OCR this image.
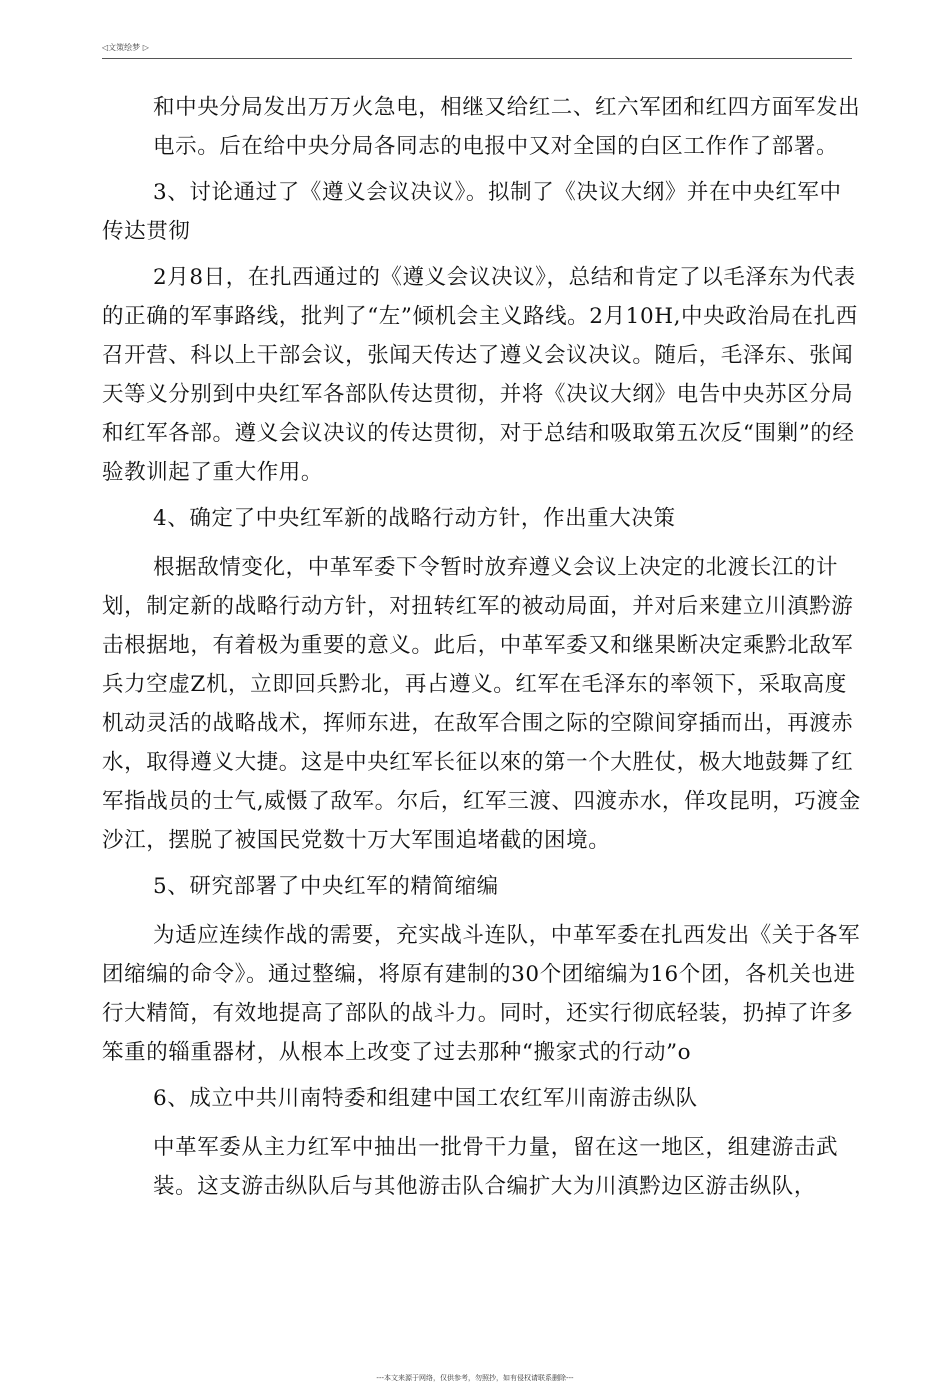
◁文策绘梦 ▷

和中央分局发出万万火急电，相继又给红二、红六军团和红四方面军发出电示。后在给中央分局各同志的电报中又对全国的白区工作作了部署。

3、讨论通过了《遵义会议决议》。拟制了《决议大纲》并在中央红军中传达贯彻

2月8日，在扎西通过的《遵义会议决议》，总结和肯定了以毛泽东为代表的正确的军事路线，批判了“左”倾机会主义路线。2月10H,中央政治局在扎西召开营、科以上干部会议，张闻天传达了遵义会议决议。随后，毛泽东、张闻天等义分别到中央红军各部队传达贯彻，并将《决议大纲》电告中央苏区分局和红军各部。遵义会议决议的传达贯彻，对于总结和吸取第五次反“围剿”的经验教训起了重大作用。

4、确定了中央红军新的战略行动方针，作出重大决策

根据敌情变化，中革军委下令暂时放弃遵义会议上决定的北渡长江的计划，制定新的战略行动方针，对扭转红军的被动局面，并对后来建立川滇黔游击根据地，有着极为重要的意义。此后，中革军委又和继果断决定乘黔北敌军兵力空虚Z机，立即回兵黔北，再占遵义。红军在毛泽东的率领下，采取高度机动灵活的战略战术，挥师东进，在敌军合围之际的空隙间穿插而出，再渡赤水，取得遵义大捷。这是中央红军长征以來的第一个大胜仗，极大地鼓舞了红军指战员的士气,威慑了敌军。尔后，红军三渡、四渡赤水，佯攻昆明，巧渡金沙江，摆脱了被国民党数十万大军围追堵截的困境。

5、研究部署了中央红军的精简缩编

为适应连续作战的需要，充实战斗连队，中革军委在扎西发出《关于各军团缩编的命令》。通过整编，将原有建制的30个团缩编为16个团，各机关也进行大精简，有效地提高了部队的战斗力。同时，还实行彻底轻装，扔掉了许多笨重的辎重器材，从根本上改变了过去那种“搬家式的行动”o

6、成立中共川南特委和组建中国工农红军川南游击纵队

中革军委从主力红军中抽出一批骨干力量，留在这一地区，组建游击武装。这支游击纵队后与其他游击队合编扩大为川滇黔边区游击纵队，

---本文来源于网络，仅供参考，勿照抄，如有侵权请联系删除---
